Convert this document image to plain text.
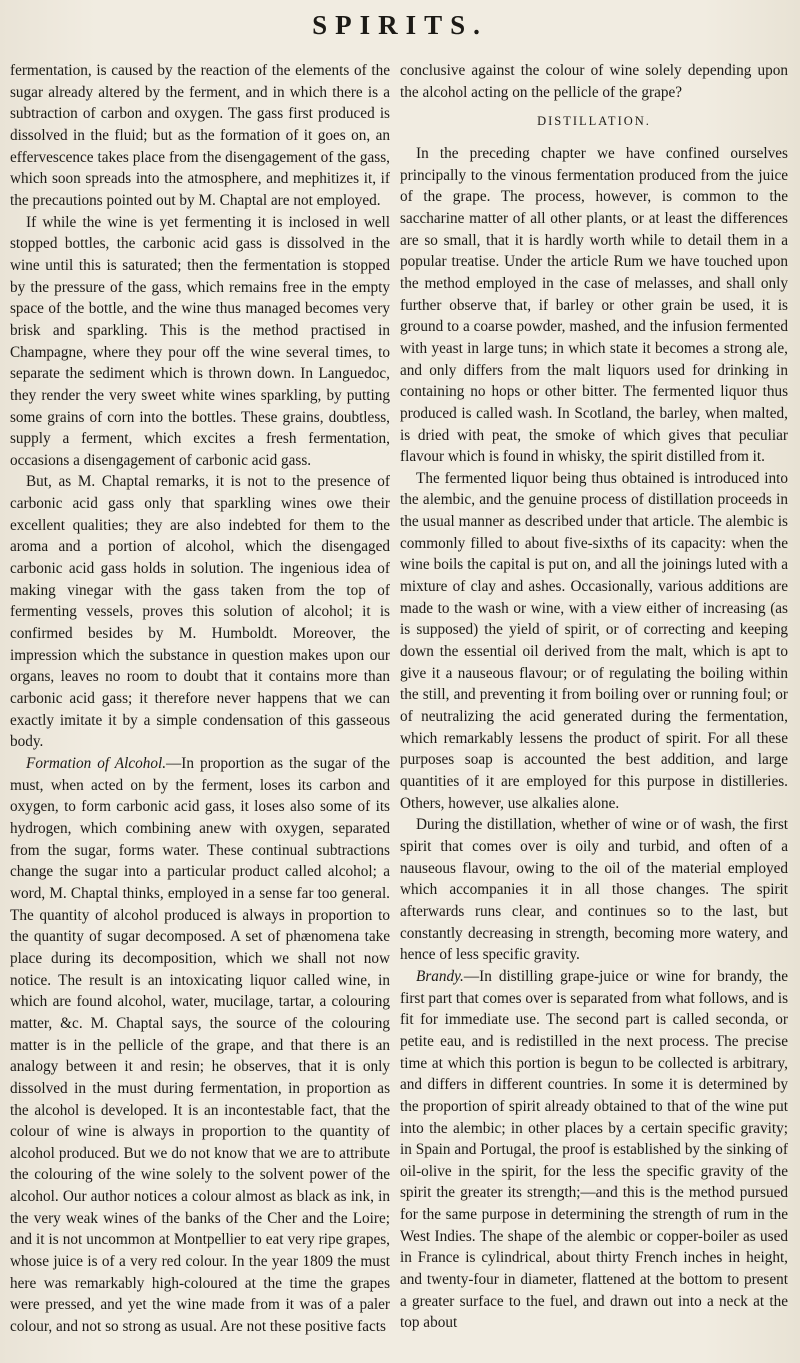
SPIRITS.

fermentation, is caused by the reaction of the elements of the sugar already altered by the ferment, and in which there is a subtraction of carbon and oxygen. The gass first produced is dissolved in the fluid; but as the formation of it goes on, an effervescence takes place from the disengagement of the gass, which soon spreads into the atmosphere, and mephitizes it, if the precautions pointed out by M. Chaptal are not employed.

If while the wine is yet fermenting it is inclosed in well stopped bottles, the carbonic acid gass is dissolved in the wine until this is saturated; then the fermentation is stopped by the pressure of the gass, which remains free in the empty space of the bottle, and the wine thus managed becomes very brisk and sparkling. This is the method practised in Champagne, where they pour off the wine several times, to separate the sediment which is thrown down. In Languedoc, they render the very sweet white wines sparkling, by putting some grains of corn into the bottles. These grains, doubtless, supply a ferment, which excites a fresh fermentation, occasions a disengagement of carbonic acid gass.

But, as M. Chaptal remarks, it is not to the presence of carbonic acid gass only that sparkling wines owe their excellent qualities; they are also indebted for them to the aroma and a portion of alcohol, which the disengaged carbonic acid gass holds in solution. The ingenious idea of making vinegar with the gass taken from the top of fermenting vessels, proves this solution of alcohol; it is confirmed besides by M. Humboldt. Moreover, the impression which the substance in question makes upon our organs, leaves no room to doubt that it contains more than carbonic acid gass; it therefore never happens that we can exactly imitate it by a simple condensation of this gasseous body.

Formation of Alcohol.—In proportion as the sugar of the must, when acted on by the ferment, loses its carbon and oxygen, to form carbonic acid gass, it loses also some of its hydrogen, which combining anew with oxygen, separated from the sugar, forms water. These continual subtractions change the sugar into a particular product called alcohol; a word, M. Chaptal thinks, employed in a sense far too general. The quantity of alcohol produced is always in proportion to the quantity of sugar decomposed. A set of phænomena take place during its decomposition, which we shall not now notice. The result is an intoxicating liquor called wine, in which are found alcohol, water, mucilage, tartar, a colouring matter, &c. M. Chaptal says, the source of the colouring matter is in the pellicle of the grape, and that there is an analogy between it and resin; he observes, that it is only dissolved in the must during fermentation, in proportion as the alcohol is developed. It is an incontestable fact, that the colour of wine is always in proportion to the quantity of alcohol produced. But we do not know that we are to attribute the colouring of the wine solely to the solvent power of the alcohol. Our author notices a colour almost as black as ink, in the very weak wines of the banks of the Cher and the Loire; and it is not uncommon at Montpellier to eat very ripe grapes, whose juice is of a very red colour. In the year 1809 the must here was remarkably high-coloured at the time the grapes were pressed, and yet the wine made from it was of a paler colour, and not so strong as usual. Are not these positive facts

conclusive against the colour of wine solely depending upon the alcohol acting on the pellicle of the grape?

DISTILLATION.

In the preceding chapter we have confined ourselves principally to the vinous fermentation produced from the juice of the grape. The process, however, is common to the saccharine matter of all other plants, or at least the differences are so small, that it is hardly worth while to detail them in a popular treatise. Under the article Rum we have touched upon the method employed in the case of melasses, and shall only further observe that, if barley or other grain be used, it is ground to a coarse powder, mashed, and the infusion fermented with yeast in large tuns; in which state it becomes a strong ale, and only differs from the malt liquors used for drinking in containing no hops or other bitter. The fermented liquor thus produced is called wash. In Scotland, the barley, when malted, is dried with peat, the smoke of which gives that peculiar flavour which is found in whisky, the spirit distilled from it.

The fermented liquor being thus obtained is introduced into the alembic, and the genuine process of distillation proceeds in the usual manner as described under that article. The alembic is commonly filled to about five-sixths of its capacity: when the wine boils the capital is put on, and all the joinings luted with a mixture of clay and ashes. Occasionally, various additions are made to the wash or wine, with a view either of increasing (as is supposed) the yield of spirit, or of correcting and keeping down the essential oil derived from the malt, which is apt to give it a nauseous flavour; or of regulating the boiling within the still, and preventing it from boiling over or running foul; or of neutralizing the acid generated during the fermentation, which remarkably lessens the product of spirit. For all these purposes soap is accounted the best addition, and large quantities of it are employed for this purpose in distilleries. Others, however, use alkalies alone.

During the distillation, whether of wine or of wash, the first spirit that comes over is oily and turbid, and often of a nauseous flavour, owing to the oil of the material employed which accompanies it in all those changes. The spirit afterwards runs clear, and continues so to the last, but constantly decreasing in strength, becoming more watery, and hence of less specific gravity.

Brandy.—In distilling grape-juice or wine for brandy, the first part that comes over is separated from what follows, and is fit for immediate use. The second part is called seconda, or petite eau, and is redistilled in the next process. The precise time at which this portion is begun to be collected is arbitrary, and differs in different countries. In some it is determined by the proportion of spirit already obtained to that of the wine put into the alembic; in other places by a certain specific gravity; in Spain and Portugal, the proof is established by the sinking of oil-olive in the spirit, for the less the specific gravity of the spirit the greater its strength;—and this is the method pursued for the same purpose in determining the strength of rum in the West Indies. The shape of the alembic or copper-boiler as used in France is cylindrical, about thirty French inches in height, and twenty-four in diameter, flattened at the bottom to present a greater surface to the fuel, and drawn out into a neck at the top about
